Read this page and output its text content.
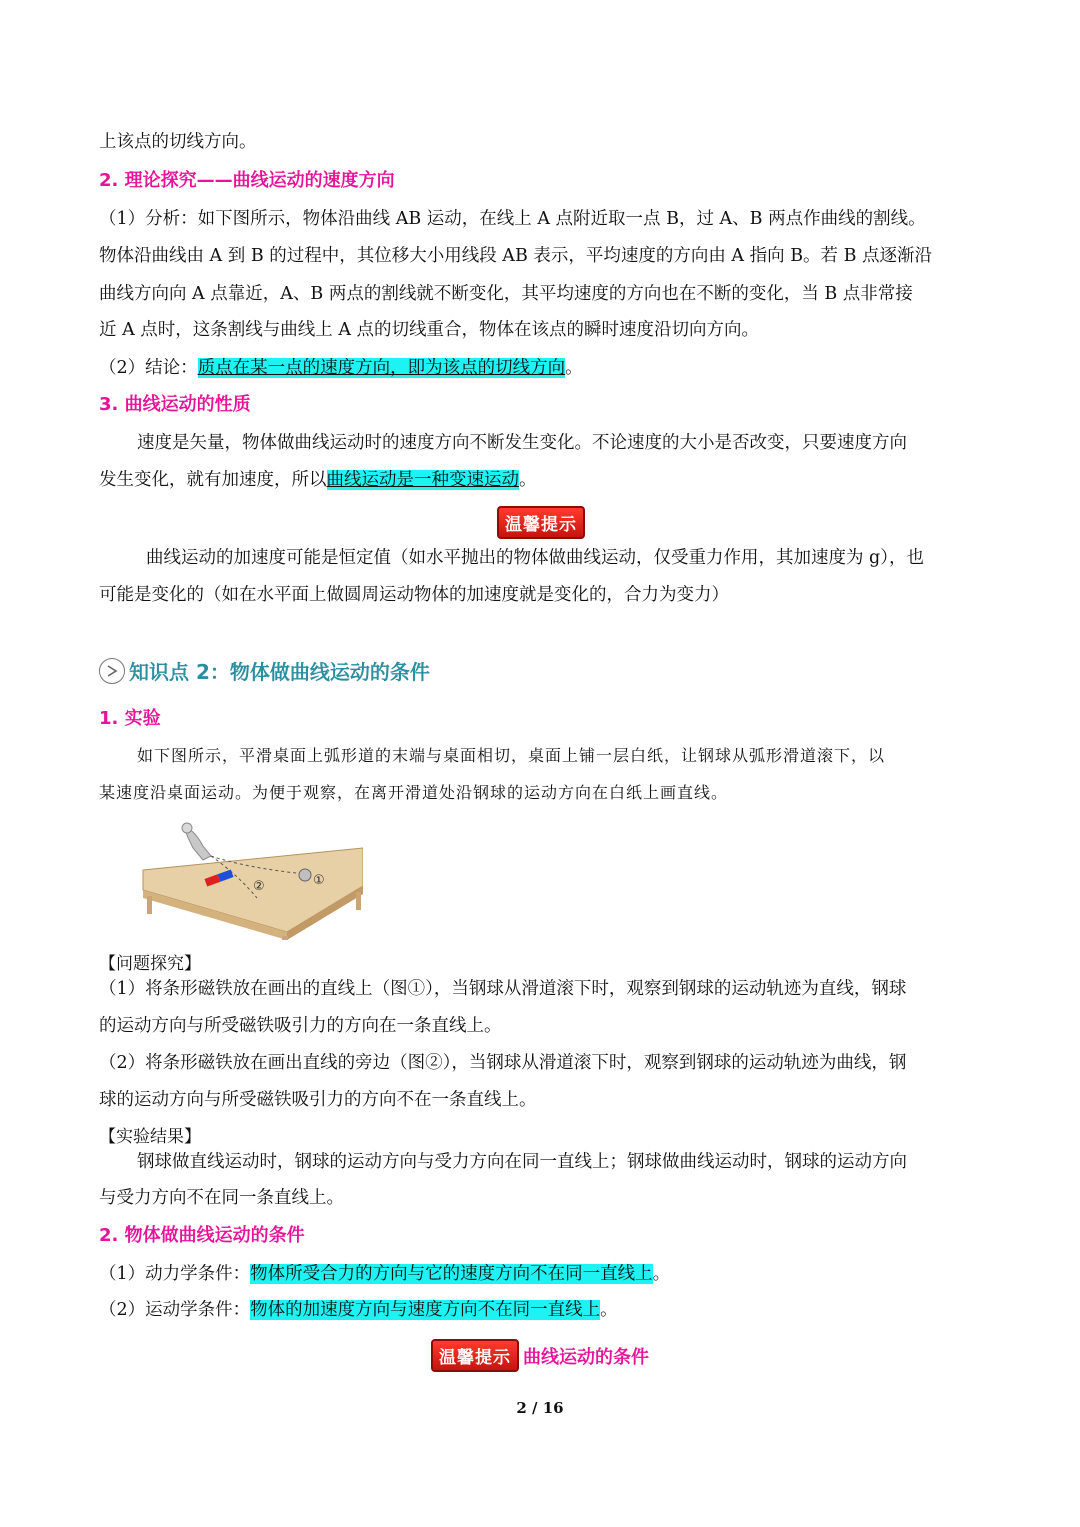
上该点的切线方向。
2. 理论探究——曲线运动的速度方向
（1）分析：如下图所示，物体沿曲线 AB 运动，在线上 A 点附近取一点 B，过 A、B 两点作曲线的割线。
物体沿曲线由 A 到 B 的过程中，其位移大小用线段 AB 表示，平均速度的方向由 A 指向 B。若 B 点逐渐沿
曲线方向向 A 点靠近，A、B 两点的割线就不断变化，其平均速度的方向也在不断的变化，当 B 点非常接
近 A 点时，这条割线与曲线上 A 点的切线重合，物体在该点的瞬时速度沿切向方向。
（2）结论：质点在某一点的速度方向，即为该点的切线方向。
3. 曲线运动的性质
速度是矢量，物体做曲线运动时的速度方向不断发生变化。不论速度的大小是否改变，只要速度方向
发生变化，就有加速度，所以曲线运动是一种变速运动。
温馨提示
曲线运动的加速度可能是恒定值（如水平抛出的物体做曲线运动，仅受重力作用，其加速度为 g），也
可能是变化的（如在水平面上做圆周运动物体的加速度就是变化的，合力为变力）
知识点 2：物体做曲线运动的条件
1. 实验
如下图所示，平滑桌面上弧形道的末端与桌面相切，桌面上铺一层白纸，让钢球从弧形滑道滚下，以
某速度沿桌面运动。为便于观察，在离开滑道处沿钢球的运动方向在白纸上画直线。
①
②
【问题探究】
（1）将条形磁铁放在画出的直线上（图①），当钢球从滑道滚下时，观察到钢球的运动轨迹为直线，钢球
的运动方向与所受磁铁吸引力的方向在一条直线上。
（2）将条形磁铁放在画出直线的旁边（图②），当钢球从滑道滚下时，观察到钢球的运动轨迹为曲线，钢
球的运动方向与所受磁铁吸引力的方向不在一条直线上。
【实验结果】
钢球做直线运动时，钢球的运动方向与受力方向在同一直线上；钢球做曲线运动时，钢球的运动方向
与受力方向不在同一条直线上。
2. 物体做曲线运动的条件
（1）动力学条件：物体所受合力的方向与它的速度方向不在同一直线上。
（2）运动学条件：物体的加速度方向与速度方向不在同一直线上。
温馨提示 曲线运动的条件
2 / 16
